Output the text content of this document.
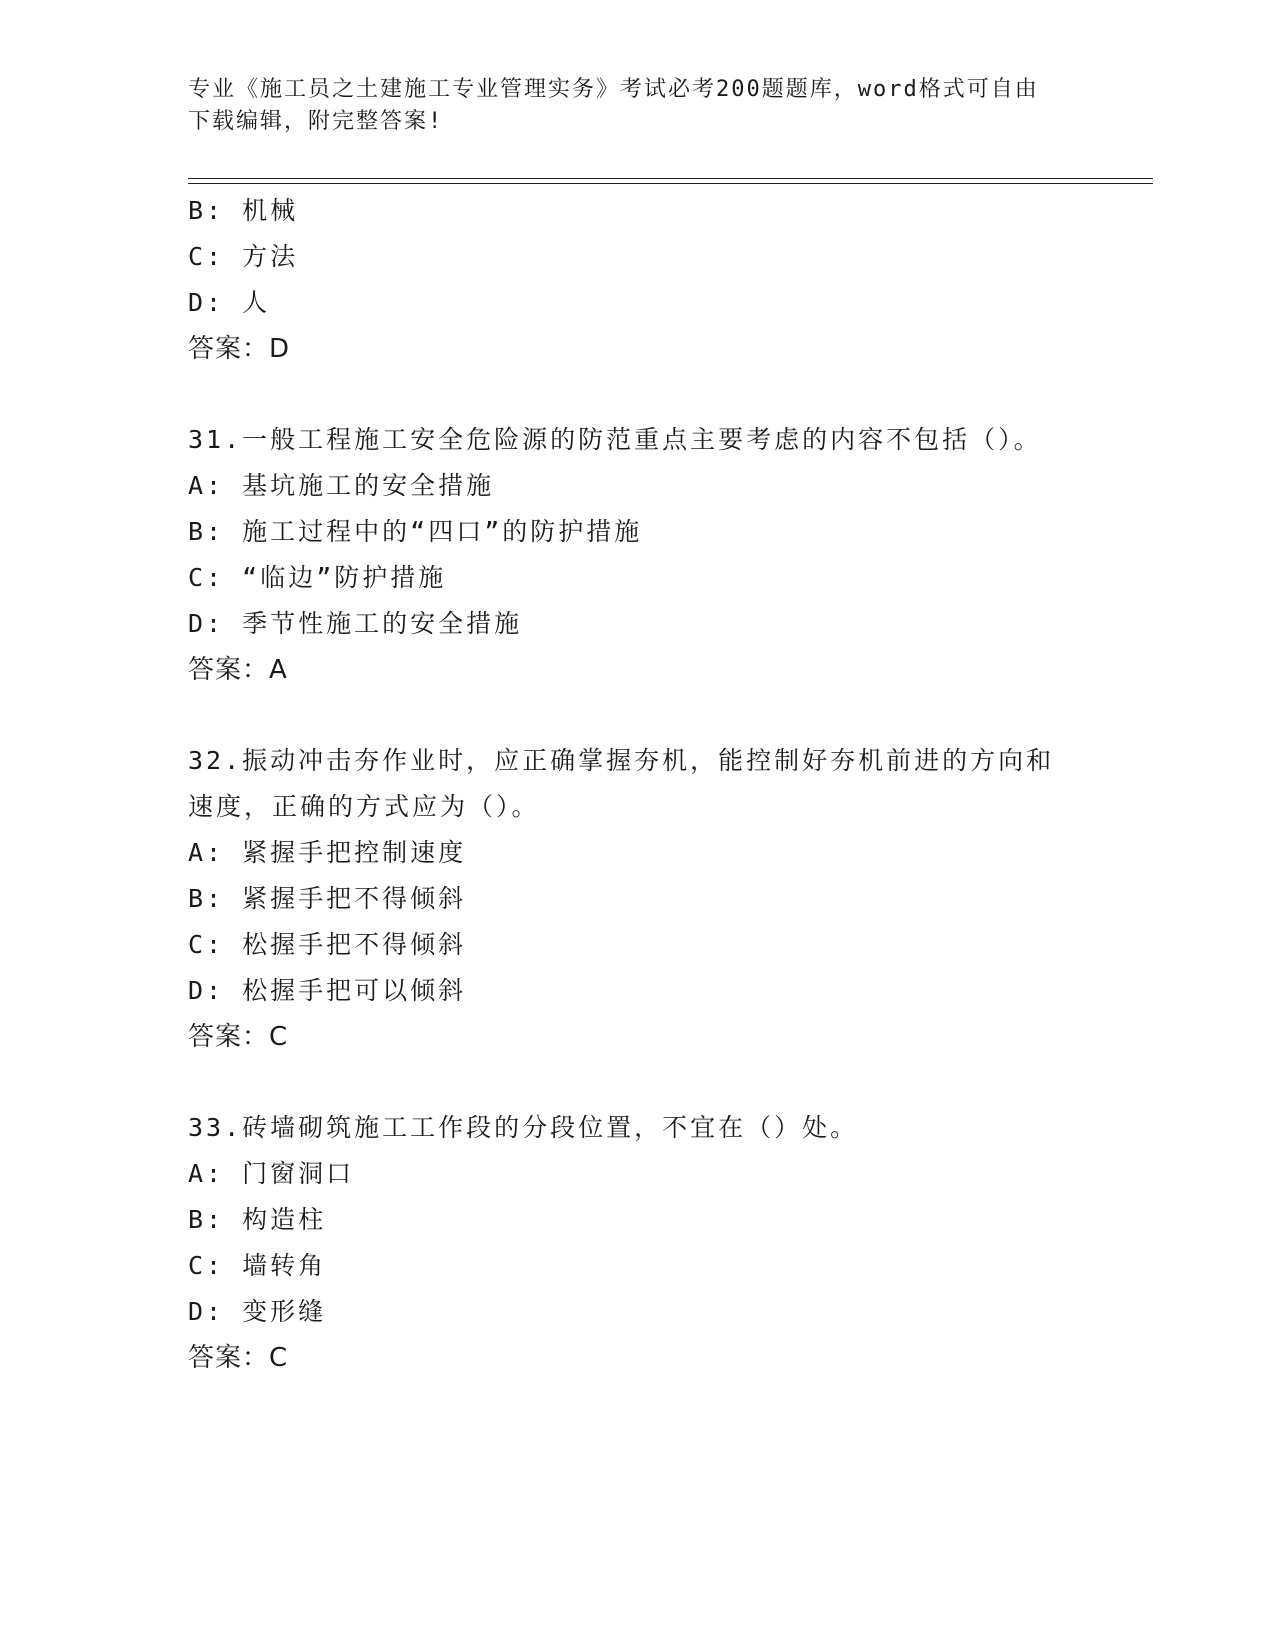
专业《施工员之土建施工专业管理实务》考试必考200题题库，word格式可自由
下载编辑，附完整答案!
B: 机械
C: 方法
D: 人
答案：D
31.一般工程施工安全危险源的防范重点主要考虑的内容不包括（）。
A: 基坑施工的安全措施
B: 施工过程中的“四口”的防护措施
C: “临边”防护措施
D: 季节性施工的安全措施
答案：A
32.振动冲击夯作业时，应正确掌握夯机，能控制好夯机前进的方向和
速度，正确的方式应为（）。
A: 紧握手把控制速度
B: 紧握手把不得倾斜
C: 松握手把不得倾斜
D: 松握手把可以倾斜
答案：C
33.砖墙砌筑施工工作段的分段位置，不宜在（）处。
A: 门窗洞口
B: 构造柱
C: 墙转角
D: 变形缝
答案：C
